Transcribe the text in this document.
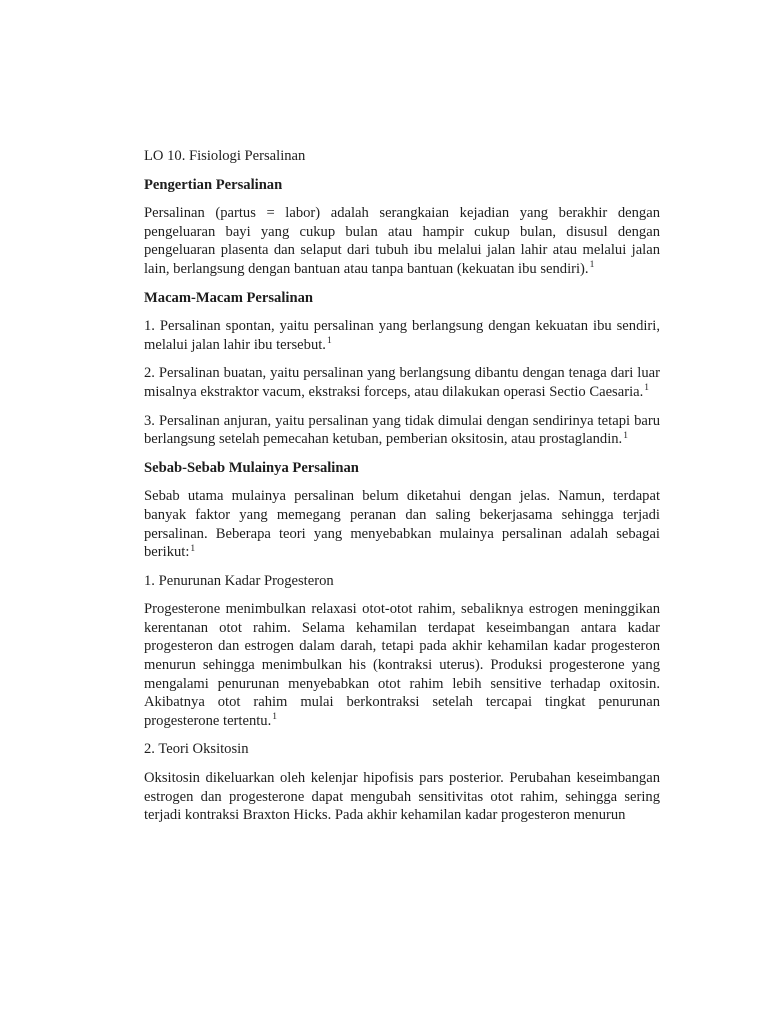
LO 10. Fisiologi Persalinan

Pengertian Persalinan

Persalinan (partus = labor) adalah serangkaian kejadian yang berakhir dengan pengeluaran bayi yang cukup bulan atau hampir cukup bulan, disusul dengan pengeluaran plasenta dan selaput dari tubuh ibu melalui jalan lahir atau melalui jalan lain, berlangsung dengan bantuan atau tanpa bantuan (kekuatan ibu sendiri).$^1$

Macam-Macam Persalinan

1. Persalinan spontan, yaitu persalinan yang berlangsung dengan kekuatan ibu sendiri, melalui jalan lahir ibu tersebut.$^1$

2. Persalinan buatan, yaitu persalinan yang berlangsung dibantu dengan tenaga dari luar misalnya ekstraktor vacum, ekstraksi forceps, atau dilakukan operasi Sectio Caesaria.$^1$

3. Persalinan anjuran, yaitu persalinan yang tidak dimulai dengan sendirinya tetapi baru berlangsung setelah pemecahan ketuban, pemberian oksitosin, atau prostaglandin.$^1$

Sebab-Sebab Mulainya Persalinan

Sebab utama mulainya persalinan belum diketahui dengan jelas. Namun, terdapat banyak faktor yang memegang peranan dan saling bekerjasama sehingga terjadi persalinan. Beberapa teori yang menyebabkan mulainya persalinan adalah sebagai berikut:$^1$

1. Penurunan Kadar Progesteron

Progesterone menimbulkan relaxasi otot-otot rahim, sebaliknya estrogen meninggikan kerentanan otot rahim. Selama kehamilan terdapat keseimbangan antara kadar progesteron dan estrogen dalam darah, tetapi pada akhir kehamilan kadar progesteron menurun sehingga menimbulkan his (kontraksi uterus). Produksi progesterone yang mengalami penurunan menyebabkan otot rahim lebih sensitive terhadap oxitosin. Akibatnya otot rahim mulai berkontraksi setelah tercapai tingkat penurunan progesterone tertentu.$^1$

2. Teori Oksitosin

Oksitosin dikeluarkan oleh kelenjar hipofisis pars posterior. Perubahan keseimbangan estrogen dan progesterone dapat mengubah sensitivitas otot rahim, sehingga sering terjadi kontraksi Braxton Hicks. Pada akhir kehamilan kadar progesteron menurun
